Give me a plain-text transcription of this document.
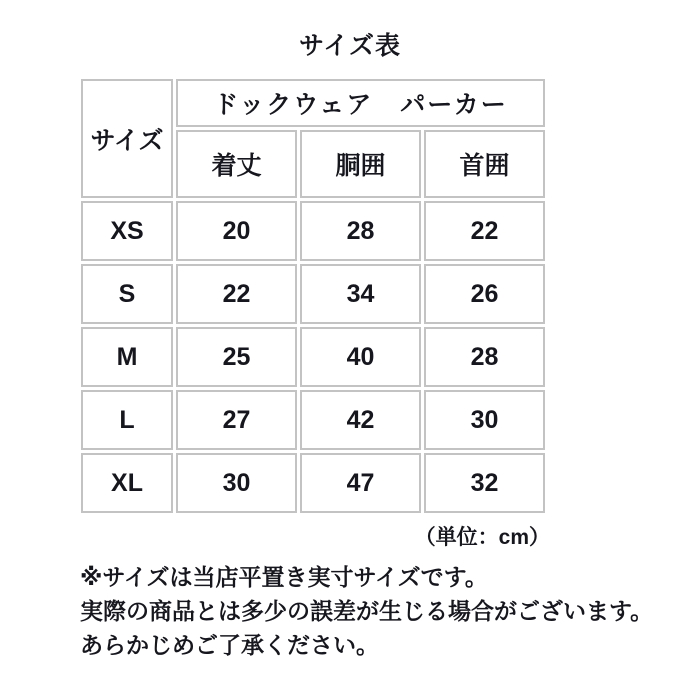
サイズ表
サイズ	ドックウェア　パーカー		
	着丈	胴囲	首囲
XS	20	28	22
S	22	34	26
M	25	40	28
L	27	42	30
XL	30	47	32
（単位：cm）
※サイズは当店平置き実寸サイズです。
実際の商品とは多少の誤差が生じる場合がございます。
あらかじめご了承ください。
